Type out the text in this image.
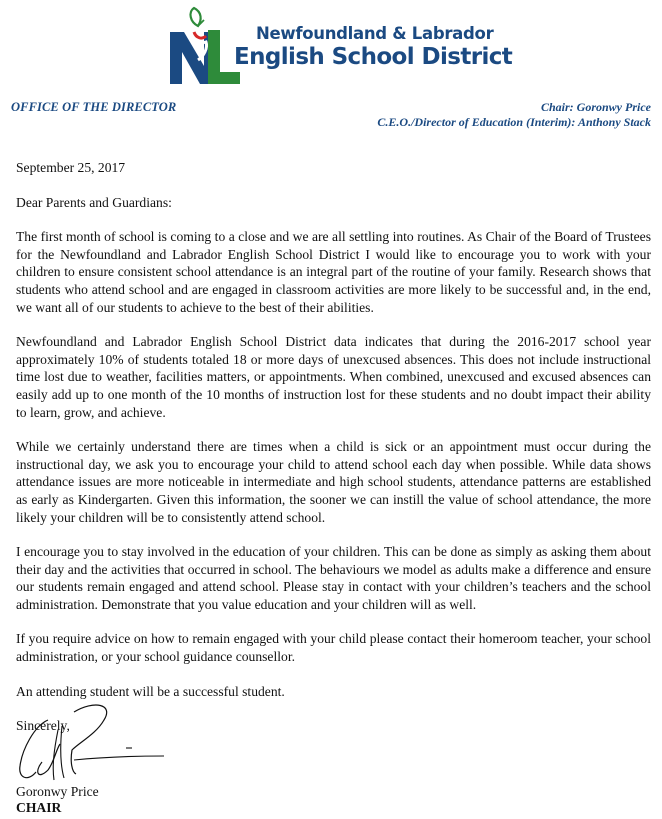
Newfoundland & Labrador
English School District
OFFICE OF THE DIRECTOR	Chair: Goronwy Price
C.E.O./Director of Education (Interim): Anthony Stack

September 25, 2017

Dear Parents and Guardians:

The first month of school is coming to a close and we are all settling into routines. As Chair of the Board of Trustees for the Newfoundland and Labrador English School District I would like to encourage you to work with your children to ensure consistent school attendance is an integral part of the routine of your family. Research shows that students who attend school and are engaged in classroom activities are more likely to be successful and, in the end, we want all of our students to achieve to the best of their abilities.

Newfoundland and Labrador English School District data indicates that during the 2016-2017 school year approximately 10% of students totaled 18 or more days of unexcused absences. This does not include instructional time lost due to weather, facilities matters, or appointments. When combined, unexcused and excused absences can easily add up to one month of the 10 months of instruction lost for these students and no doubt impact their ability to learn, grow, and achieve.

While we certainly understand there are times when a child is sick or an appointment must occur during the instructional day, we ask you to encourage your child to attend school each day when possible. While data shows attendance issues are more noticeable in intermediate and high school students, attendance patterns are established as early as Kindergarten. Given this information, the sooner we can instill the value of school attendance, the more likely your children will be to consistently attend school.

I encourage you to stay involved in the education of your children. This can be done as simply as asking them about their day and the activities that occurred in school. The behaviours we model as adults make a difference and ensure our students remain engaged and attend school. Please stay in contact with your children’s teachers and the school administration. Demonstrate that you value education and your children will as well.

If you require advice on how to remain engaged with your child please contact their homeroom teacher, your school administration, or your school guidance counsellor.

An attending student will be a successful student.

Sincerely,

Goronwy Price
CHAIR
